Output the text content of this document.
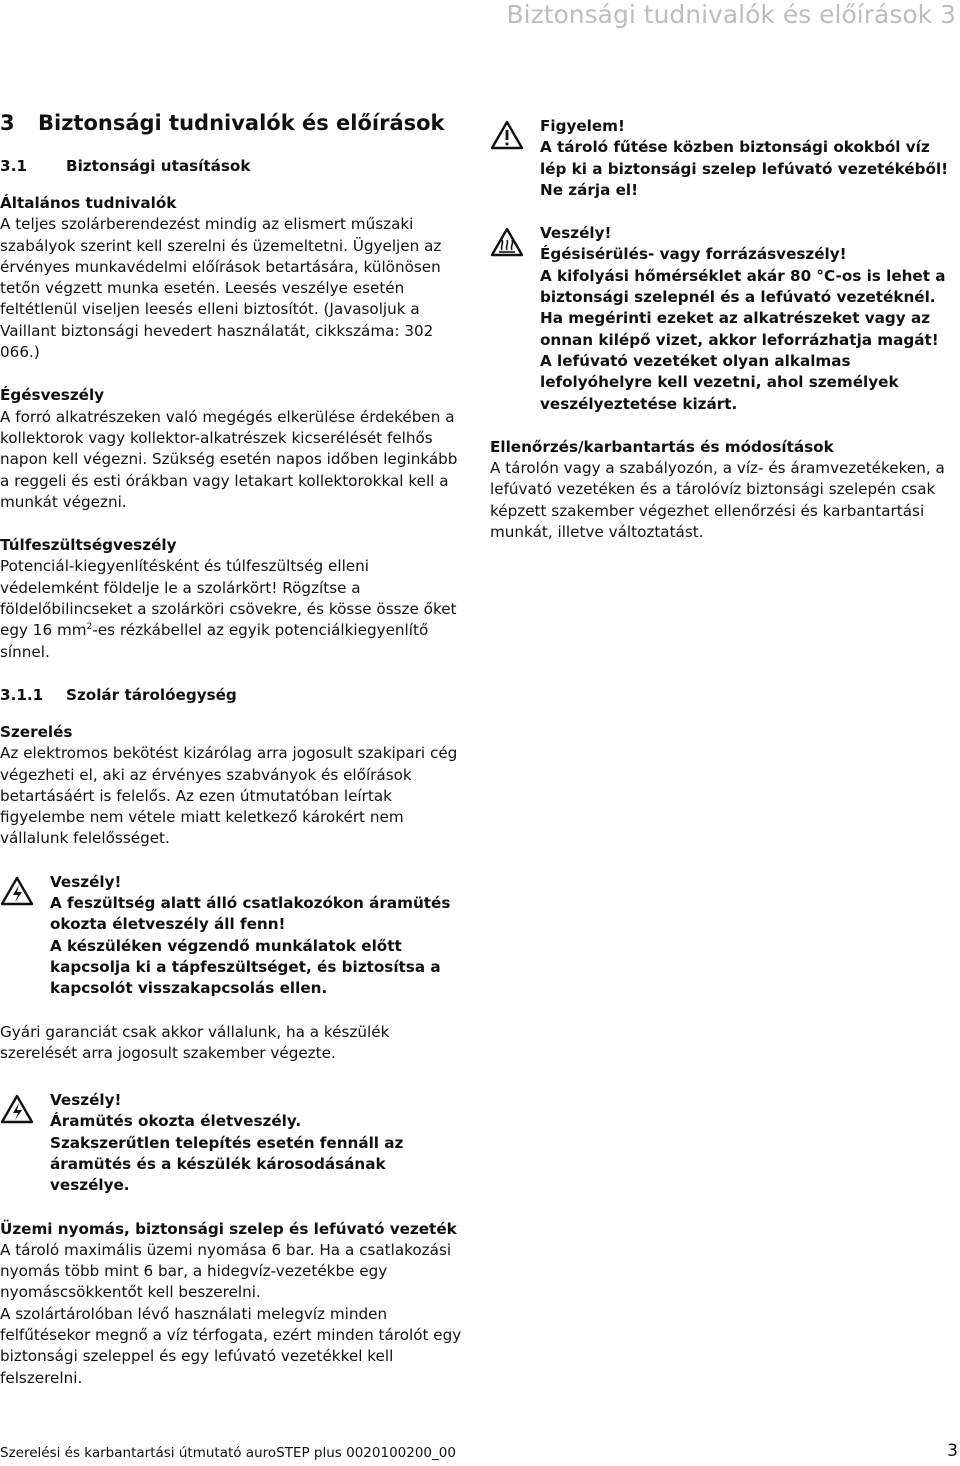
Biztonsági tudnivalók és előírások 3
3 Biztonsági tudnivalók és előírások
3.1	Biztonsági utasítások
Általános tudnivalók

A teljes szolárberendezést mindig az elismert műszaki szabályok szerint kell szerelni és üzemeltetni. Ügyeljen az érvényes munkavédelmi előírások betartására, különösen tetőn végzett munka esetén. Leesés veszélye esetén feltétlenül viseljen leesés elleni biztosítót. (Javasoljuk a Vaillant biztonsági hevedert használatát, cikkszáma: 302 066.)

Égésveszély

A forró alkatrészeken való megégés elkerülése érdekében a kollektorok vagy kollektor-alkatrészek kicserélését felhős napon kell végezni. Szükség esetén napos időben leginkább a reggeli és esti órákban vagy letakart kollektorokkal kell a munkát végezni.

Túlfeszültségveszély

Potenciál-kiegyenlítésként és túlfeszültség elleni védelemként földelje le a szolárkört! Rögzítse a földelőbilincseket a szolárköri csövekre, és kösse össze őket egy 16 $mm^2-es$ rézkábellel az egyik potenciálkiegyenlítő sínnel.

3.1.1 Szolár tárolóegység
Szerelés

Az elektromos bekötést kizárólag arra jogosult szakipari cég végezheti el, aki az érvényes szabványok és előírások betartásáért is felelős. Az ezen útmutatóban leírtak figyelembe nem vétele miatt keletkező károkért nem vállalunk felelősséget.

Veszély!
A feszültség alatt álló csatlakozókon áramütés okozta életveszély áll fenn!
A készüléken végzendő munkálatok előtt kapcsolja ki a tápfeszültséget, és biztosítsa a kapcsolót visszakapcsolás ellen.

Gyári garanciát csak akkor vállalunk, ha a készülék szerelését arra jogosult szakember végezte.

Veszély!
Áramütés okozta életveszély.
Szakszerűtlen telepítés esetén fennáll az áramütés és a készülék károsodásának veszélye.
Üzemi nyomás, biztonsági szelep és lefúvató vezeték

A tároló maximális üzemi nyomása 6 bar. Ha a csatlakozási nyomás több mint 6 bar, a hidegvíz-vezetékbe egy nyomáscsökkentőt kell beszerelni.

A szolártárolóban lévő használati melegvíz minden felfűtésekor megnő a víz térfogata, ezért minden tárolót egy biztonsági szeleppel és egy lefúvató vezetékkel kell felszerelni.

Figyelem!
A tároló fűtése közben biztonsági okokból víz lép ki a biztonsági szelep lefúvató vezetékéből! Ne zárja el!
Veszély!
Égésisérülés- vagy forrázásveszély!
A kifolyási hőmérséklet akár 80 °C-os is lehet a biztonsági szelepnél és a lefúvató vezetéknél. Ha megérinti ezeket az alkatrészeket vagy az onnan kilépő vizet, akkor leforrázhatja magát!
A lefúvató vezetéket olyan alkalmas lefolyóhelyre kell vezetni, ahol személyek veszélyeztetése kizárt.
Ellenőrzés/karbantartás és módosítások

A tárolón vagy a szabályozón, a víz- és áramvezetékeken, a lefúvató vezetéken és a tárolóvíz biztonsági szelepén csak képzett szakember végezhet ellenőrzési és karbantartási munkát, illetve változtatást.

Szerelési és karbantartási útmutató auroSTEP plus 0020100200_00	3
